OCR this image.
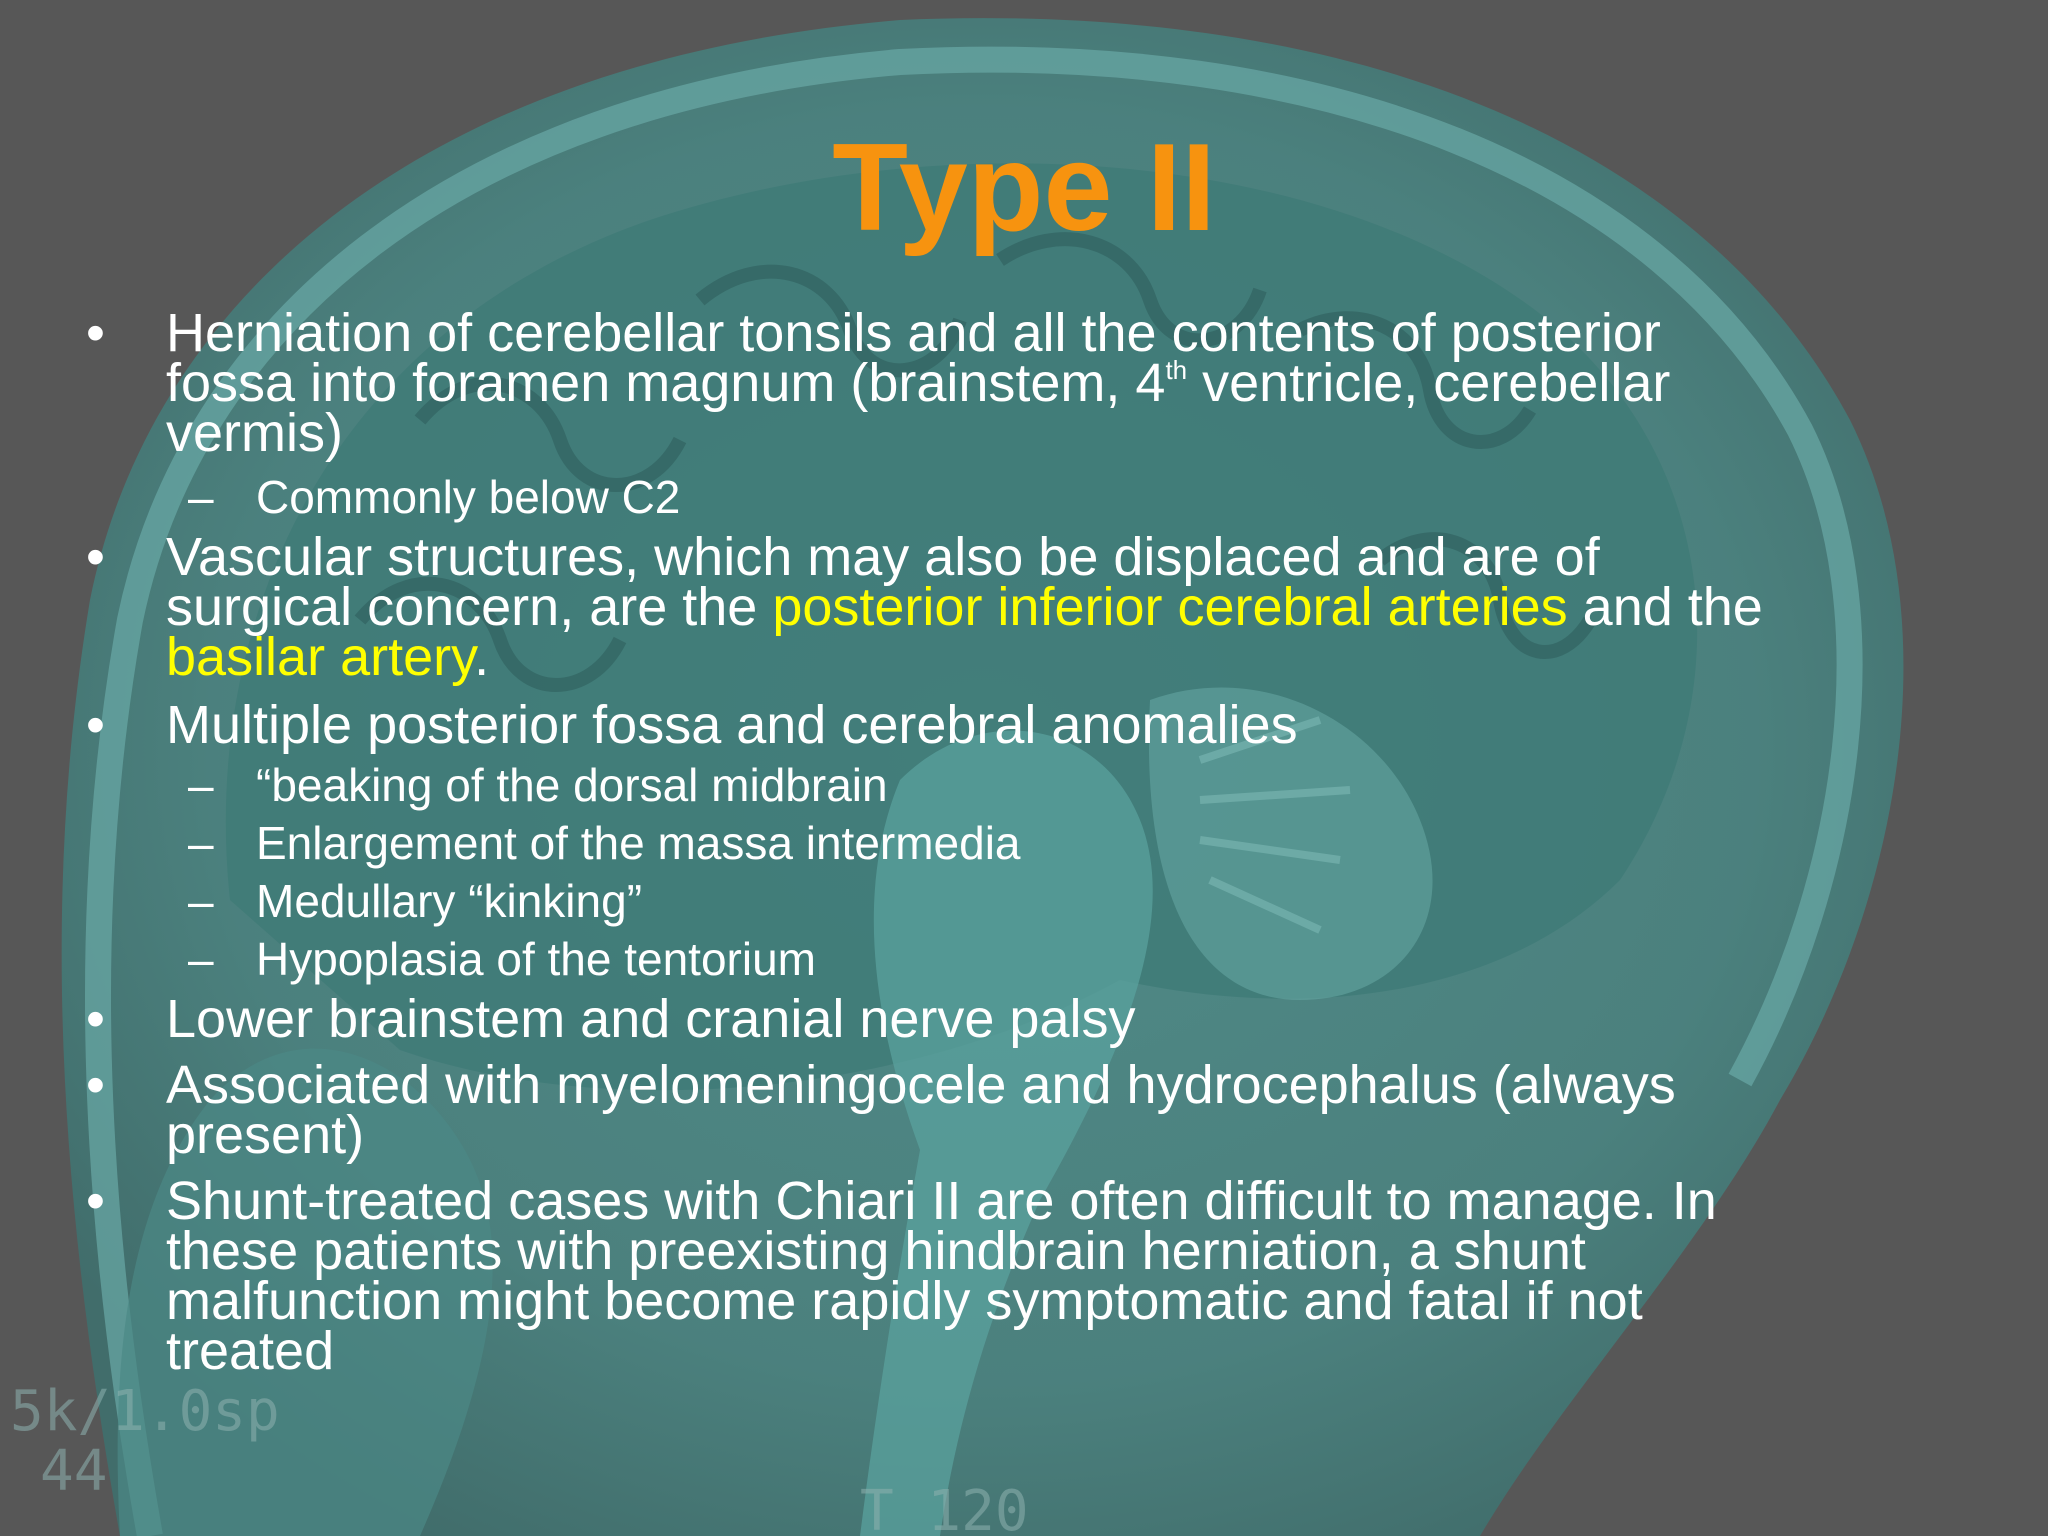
5k/1.0sp
44
T 120
Type II
• Herniation of cerebellar tonsils and all the contents of posterior
fossa into foramen magnum (brainstem, 4th ventricle, cerebellar
vermis)
– Commonly below C2
• Vascular structures, which may also be displaced and are of
surgical concern, are the posterior inferior cerebral arteries and the
basilar artery.
• Multiple posterior fossa and cerebral anomalies
– “beaking of the dorsal midbrain
– Enlargement of the massa intermedia
– Medullary “kinking”
– Hypoplasia of the tentorium
• Lower brainstem and cranial nerve palsy
• Associated with myelomeningocele and hydrocephalus (always
present)
• Shunt-treated cases with Chiari II are often difficult to manage. In
these patients with preexisting hindbrain herniation, a shunt
malfunction might become rapidly symptomatic and fatal if not
treated
